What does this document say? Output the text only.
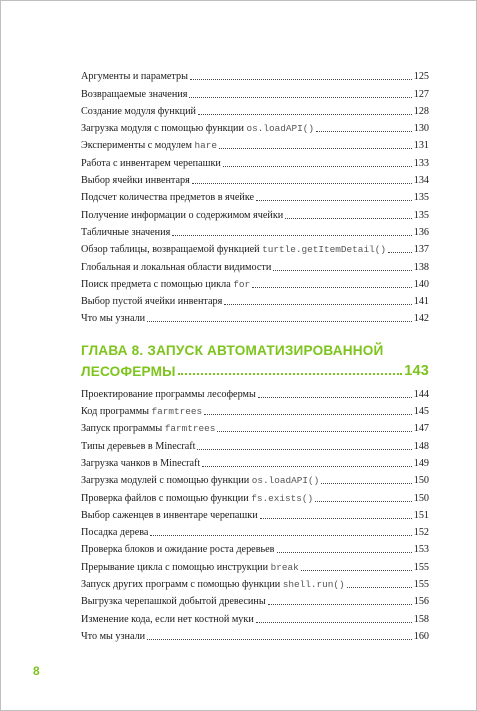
Аргументы и параметры	125
Возвращаемые значения	127
Создание модуля функций	128
Загрузка модуля с помощью функции os.loadAPI()	130
Эксперименты с модулем hare	131
Работа с инвентарем черепашки	133
Выбор ячейки инвентаря	134
Подсчет количества предметов в ячейке	135
Получение информации о содержимом ячейки	135
Табличные значения	136
Обзор таблицы, возвращаемой функцией turtle.getItemDetail()	137
Глобальная и локальная области видимости	138
Поиск предмета с помощью цикла for	140
Выбор пустой ячейки инвентаря	141
Что мы узнали	142
ГЛАВА 8. ЗАПУСК АВТОМАТИЗИРОВАННОЙ
ЛЕСОФЕРМЫ	143
Проектирование программы лесофермы	144
Код программы farmtrees	145
Запуск программы farmtrees	147
Типы деревьев в Minecraft	148
Загрузка чанков в Minecraft	149
Загрузка модулей с помощью функции os.loadAPI()	150
Проверка файлов с помощью функции fs.exists()	150
Выбор саженцев в инвентаре черепашки	151
Посадка дерева	152
Проверка блоков и ожидание роста деревьев	153
Прерывание цикла с помощью инструкции break	155
Запуск других программ с помощью функции shell.run()	155
Выгрузка черепашкой добытой древесины	156
Изменение кода, если нет костной муки	158
Что мы узнали	160
8
